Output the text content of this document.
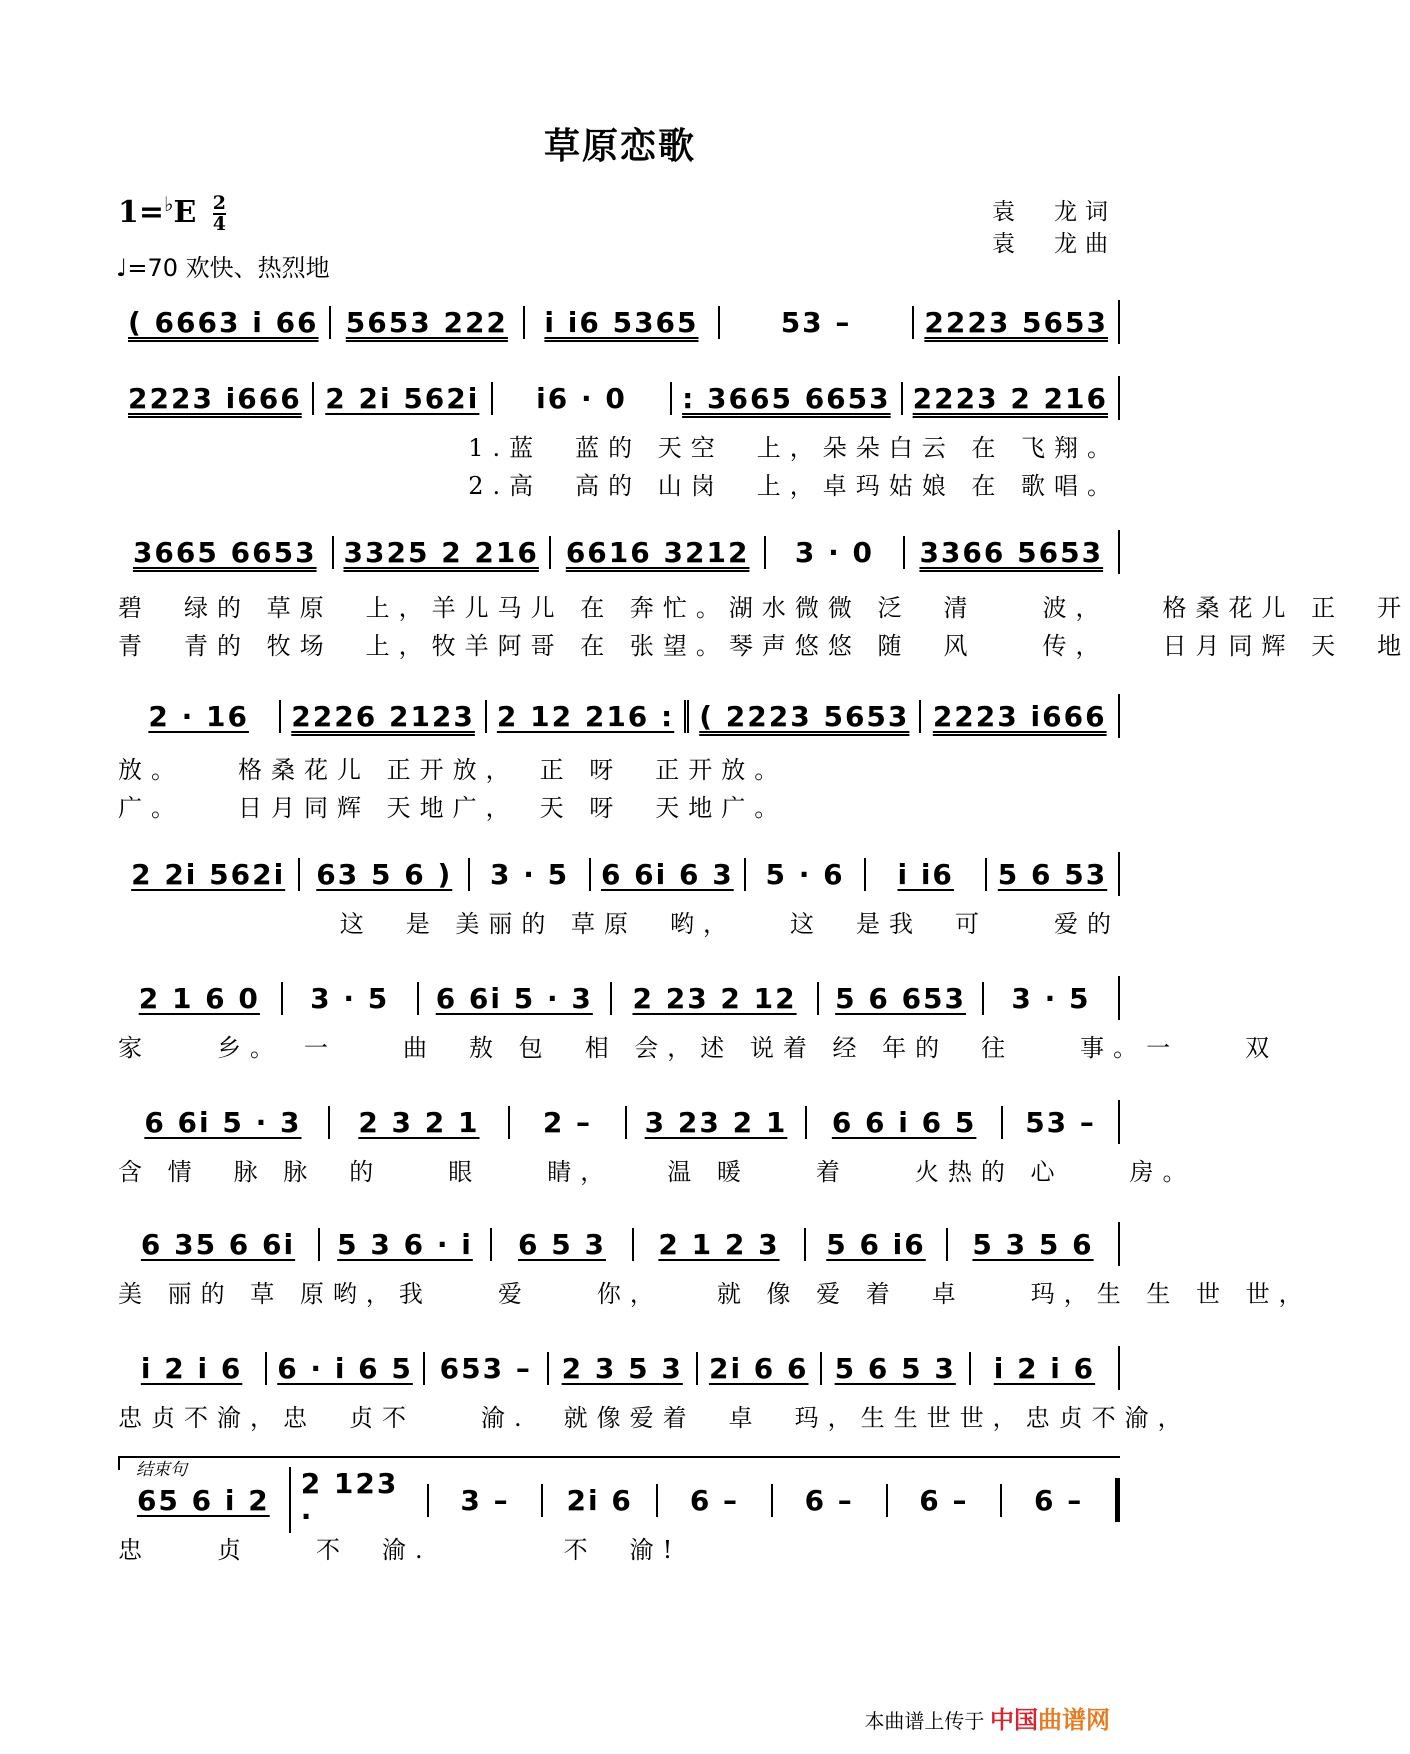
草原恋歌
$1=^♭E \frac{2}{4}$
♩=70 欢快、热烈地
袁　龙词
袁　龙曲
( 6663 i 66 5653 222 i i6 5365	53 –	2223 5653
2223 i666 2 2i 562i i6 · 0 : 3665 6653 2223 2 216
1.蓝　蓝的 天空　上，朵朵白云 在 飞翔。
2.高　高的 山岗　上，卓玛姑娘 在 歌唱。
3665 6653 3325 2 216 6616 3212 3 · 0 3366 5653
碧　绿的 草原　上，羊儿马儿 在 奔忙。湖水微微 泛　清　　波，　　格桑花儿 正　开
青　青的 牧场　上，牧羊阿哥 在 张望。琴声悠悠 随　风　　传，　　日月同辉 天　地
2 · 16 2226 2123 2 12 216 : ( 2223 5653 2223 i666
放。　　格桑花儿 正开放，　正 呀　正开放。
广。　　日月同辉 天地广，　天 呀　天地广。
2 2i 562i 63 5 6 ) 3 · 5 6 6i 6 3 5 · 6 i i6 5 6 53
这　是 美丽的 草原　哟，　　这　是我　可　　爱的
2 1 6 0 3 · 5 6 6i 5 · 3 2 23 2 12 5 6 653 3 · 5
家　　乡。　一　　曲　敖 包　相 会，述 说着 经 年的　往　　事。一　　双
6 6i 5 · 3 2 3 2 1 2 – 3 23 2 1 6 6 i 6 5 53 –
含 情　脉 脉　的　　眼　　睛，　　温 暖　　着　　火热的 心　　房。
6 35 6 6i 5 3 6 · i 6 5 3 2 1 2 3 5 6 i6 5 3 5 6
美 丽的 草 原哟，我　　爱　　你，　　就 像 爱 着　卓　　玛，生 生 世 世，
i 2 i 6 6 · i 6 5 653 – 2 3 5 3 2i 6 6 5 6 5 3 i 2 i 6
忠贞不渝，忠　贞不　　渝.　就像爱着　卓　玛，生生世世，忠贞不渝，
结束句
65 6 i 2 2 123 ·	3 – 2i 6 6 – 6 – 6 – 6 –
忠　　贞　　不　渝.　　　　不　渝!
本曲谱上传于 中国曲谱网
